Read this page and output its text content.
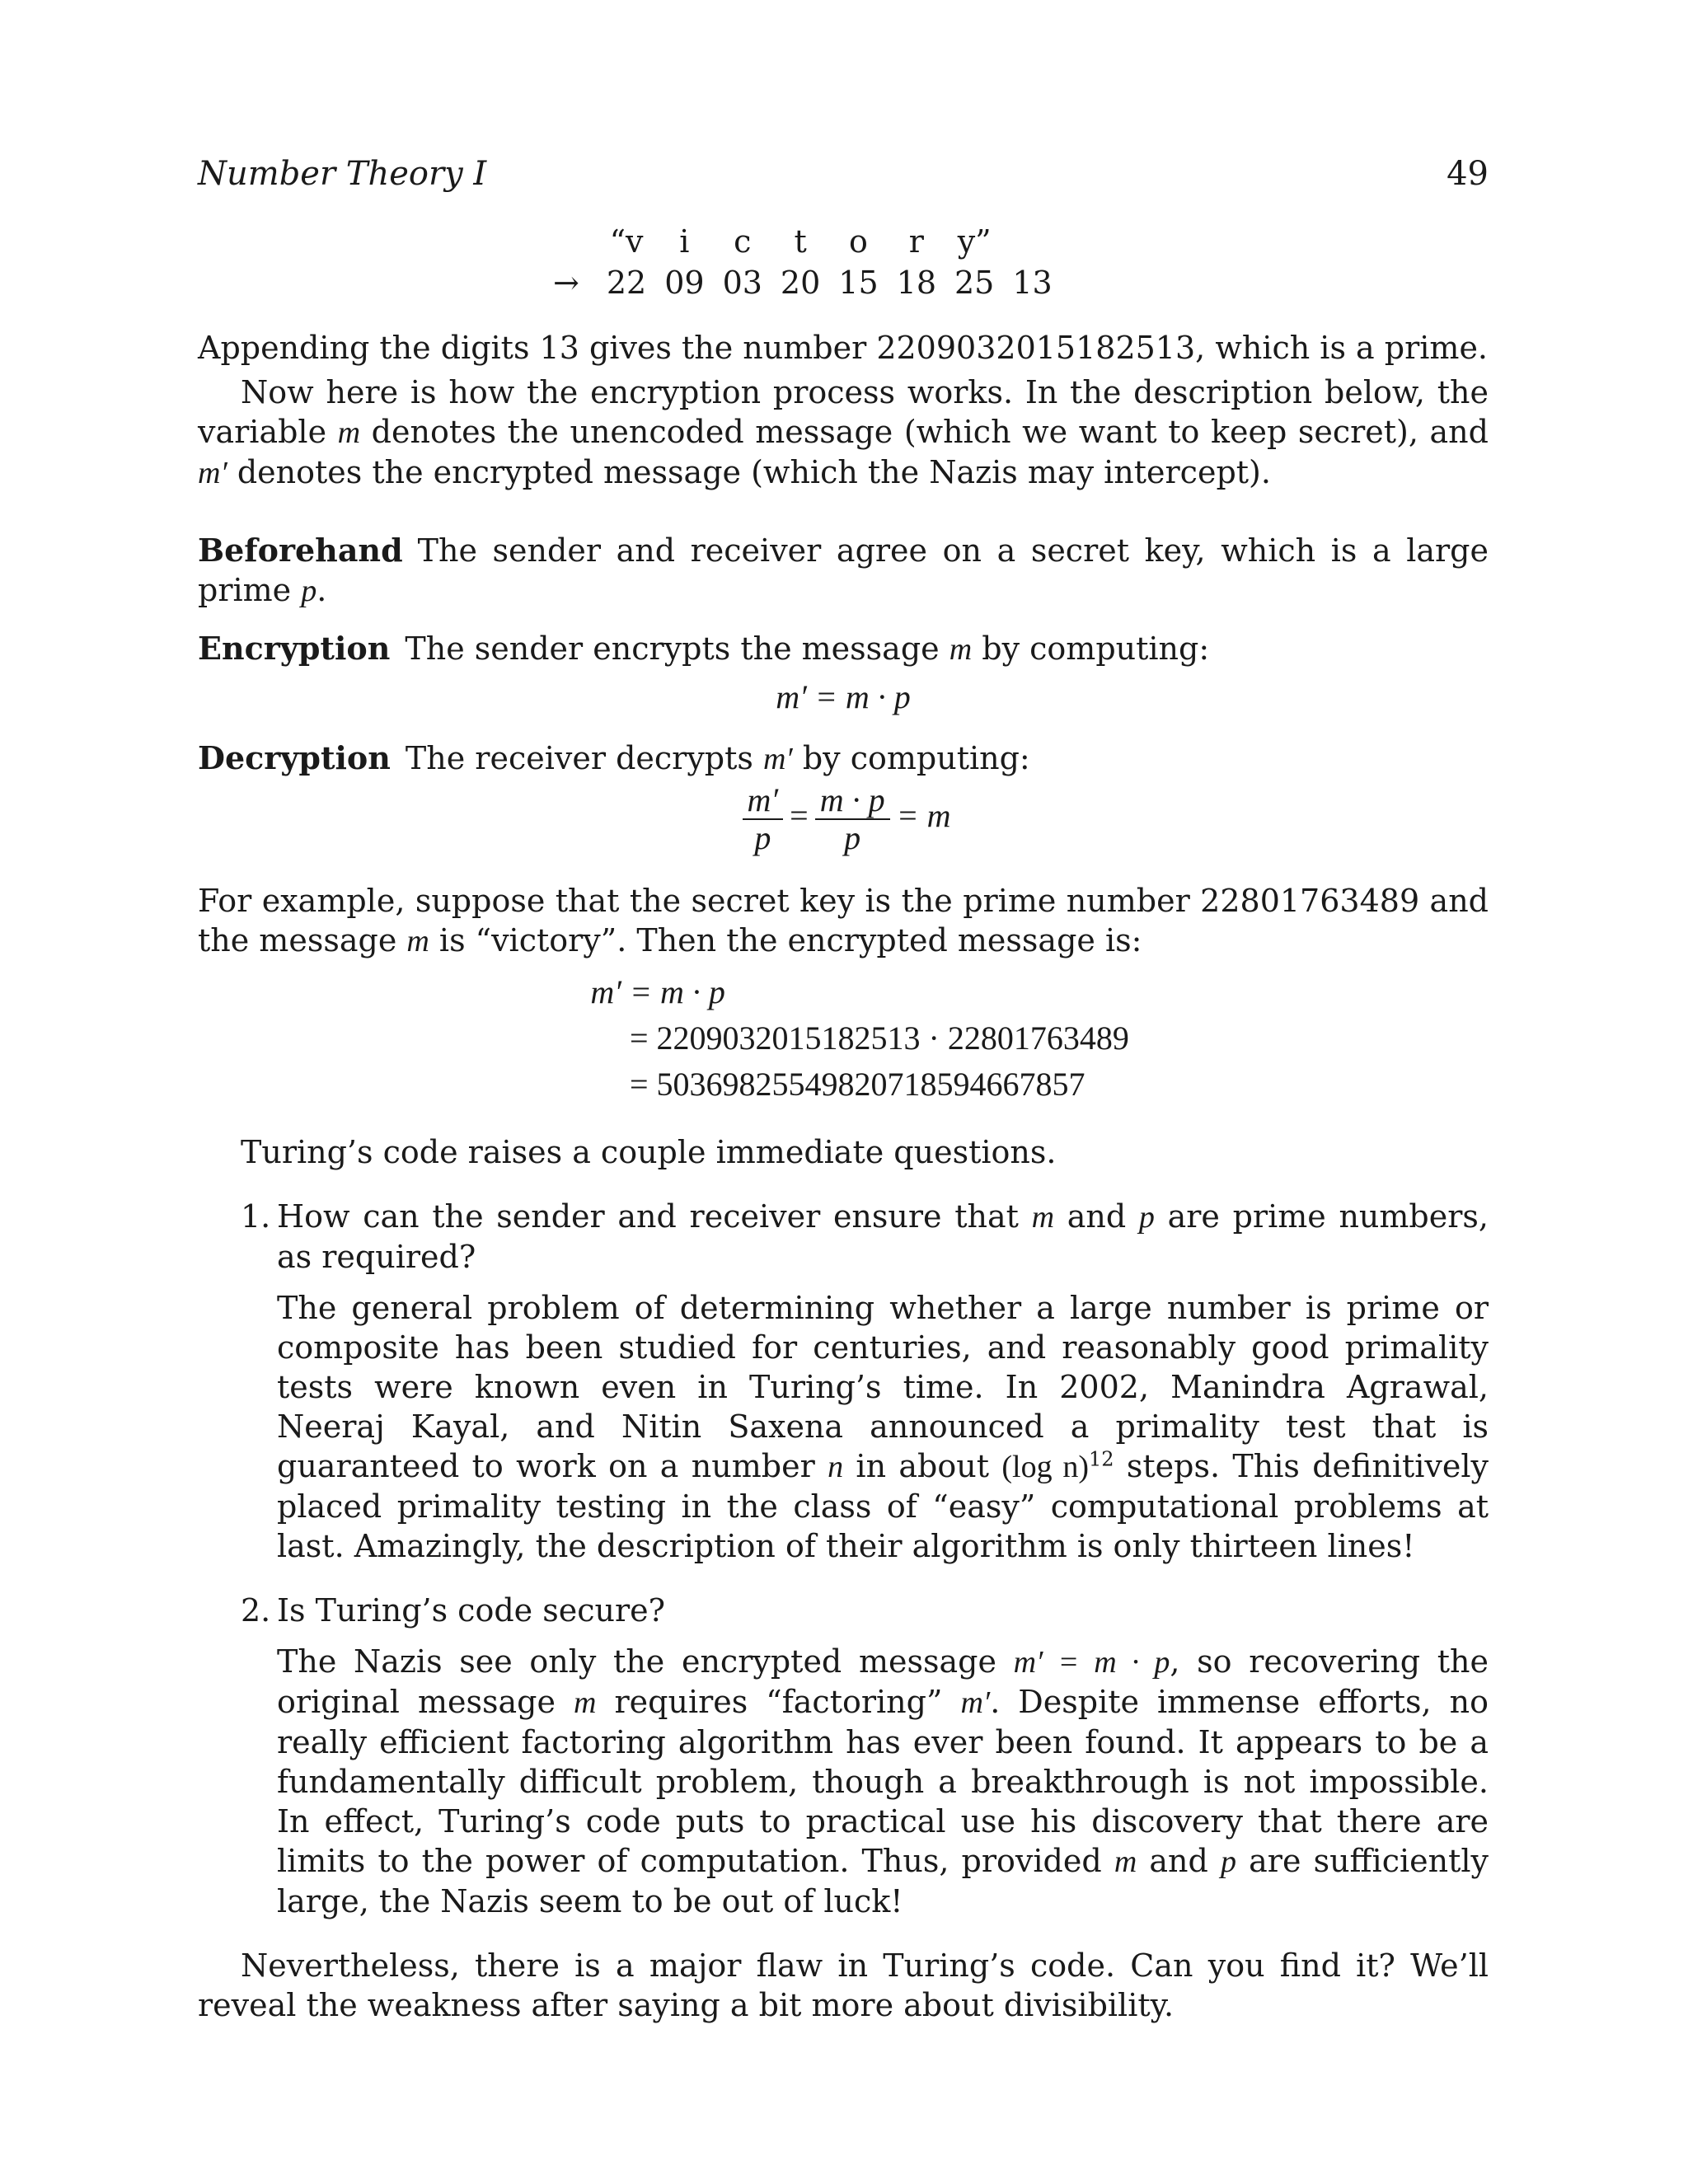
Number Theory I	49
	“v	i	c	t	o	r	y”	
→	22	09	03	20	15	18	25	13

Appending the digits 13 gives the number 2209032015182513, which is a prime.

Now here is how the encryption process works. In the description below, the variable m denotes the unencoded message (which we want to keep secret), and m′ denotes the encrypted message (which the Nazis may intercept).

Beforehand The sender and receiver agree on a secret key, which is a large prime p.

Encryption The sender encrypts the message m by computing:

m′ = m · p

Decryption The receiver decrypts m′ by computing:

$\frac{m'}{p} = \frac{m \cdot p}{p} = m$

For example, suppose that the secret key is the prime number 22801763489 and the message m is “victory”. Then the encrypted message is:

m′ = m · p
= 2209032015182513 · 22801763489
= 50369825549820718594667857

Turing’s code raises a couple immediate questions.

1. How can the sender and receiver ensure that m and p are prime numbers, as required?

The general problem of determining whether a large number is prime or composite has been studied for centuries, and reasonably good primality tests were known even in Turing’s time. In 2002, Manindra Agrawal, Neeraj Kayal, and Nitin Saxena announced a primality test that is guaranteed to work on a number n in about (log n)$^{12}$ steps. This definitively placed primality testing in the class of “easy” computational problems at last. Amazingly, the description of their algorithm is only thirteen lines!

2. Is Turing’s code secure?

The Nazis see only the encrypted message m′ = m · p, so recovering the original message m requires “factoring” m′. Despite immense efforts, no really efficient factoring algorithm has ever been found. It appears to be a fundamentally difficult problem, though a breakthrough is not impossible. In effect, Turing’s code puts to practical use his discovery that there are limits to the power of computation. Thus, provided m and p are sufficiently large, the Nazis seem to be out of luck!

Nevertheless, there is a major flaw in Turing’s code. Can you find it? We’ll reveal the weakness after saying a bit more about divisibility.
